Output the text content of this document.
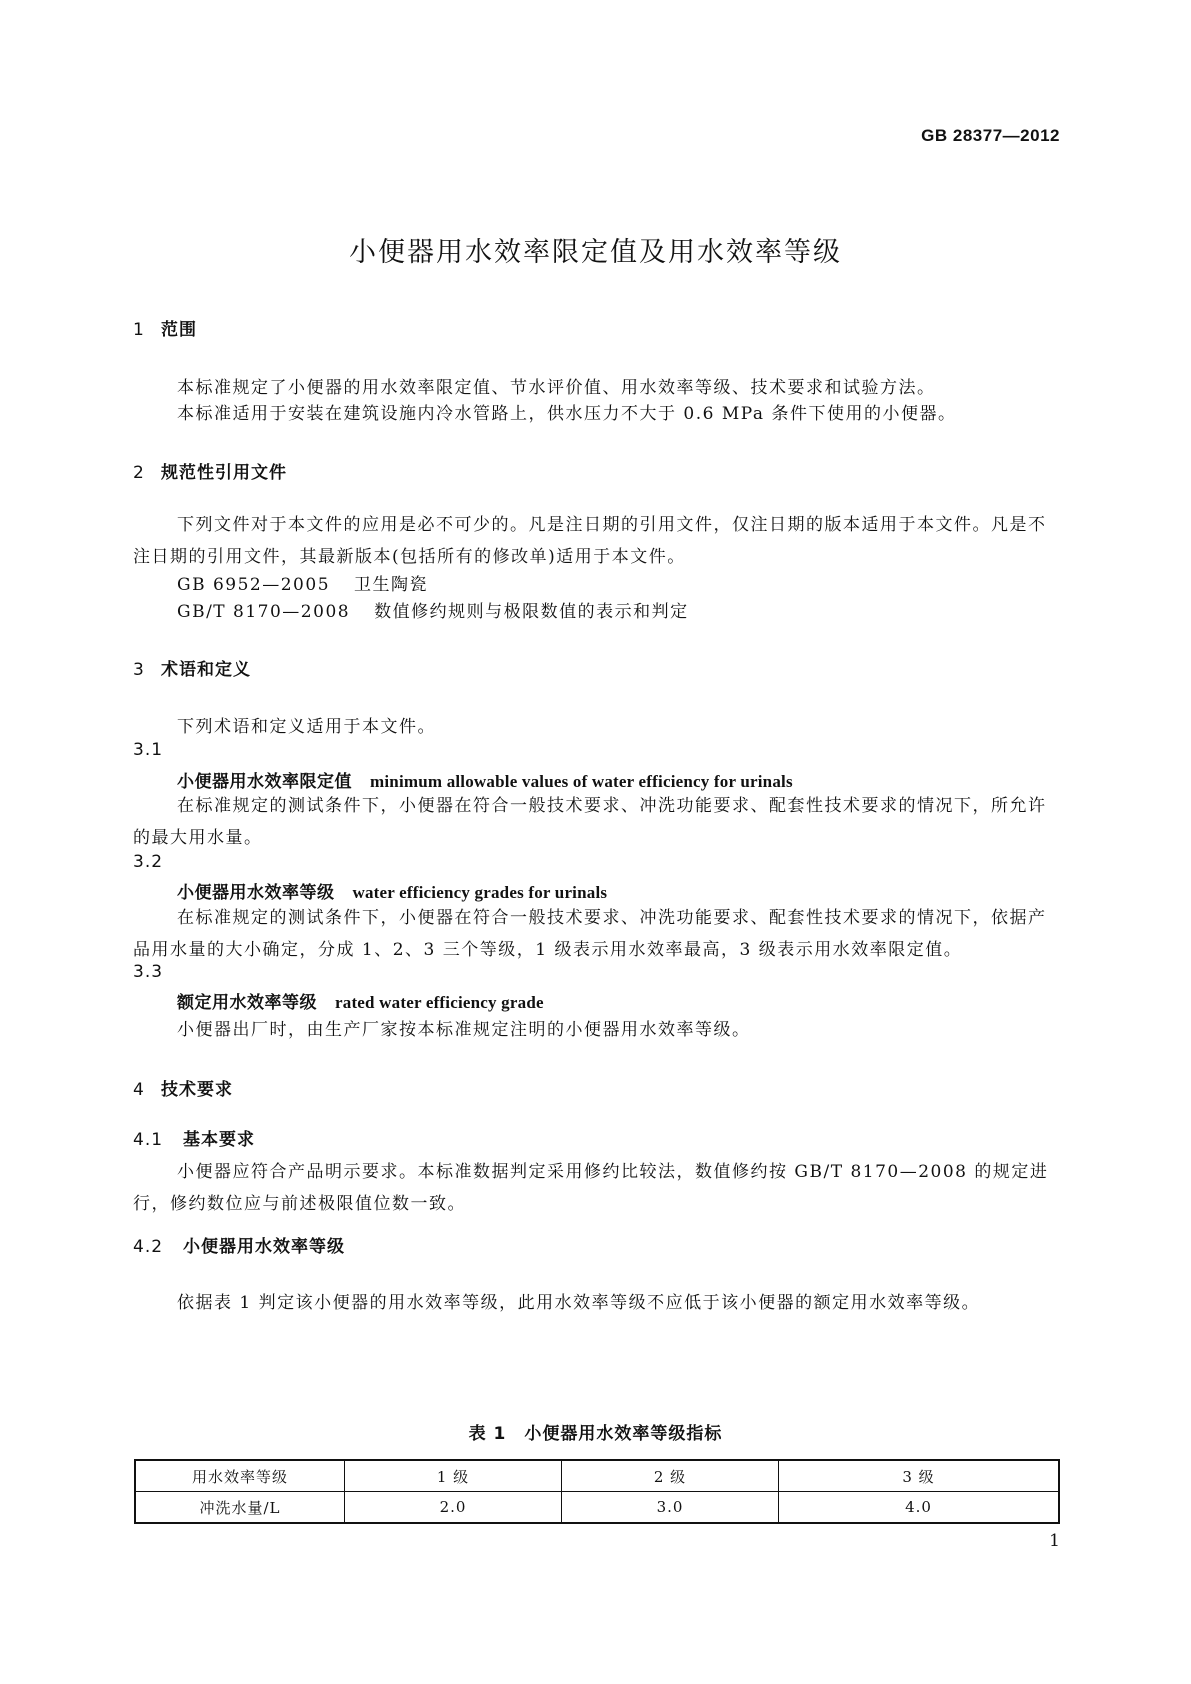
GB 28377—2012
小便器用水效率限定值及用水效率等级
1 范围
本标准规定了小便器的用水效率限定值、节水评价值、用水效率等级、技术要求和试验方法。
本标准适用于安装在建筑设施内冷水管路上，供水压力不大于 0.6 MPa 条件下使用的小便器。
2 规范性引用文件
下列文件对于本文件的应用是必不可少的。凡是注日期的引用文件，仅注日期的版本适用于本文件。凡是不注日期的引用文件，其最新版本(包括所有的修改单)适用于本文件。
GB 6952—2005 卫生陶瓷
GB/T 8170—2008 数值修约规则与极限数值的表示和判定
3 术语和定义
下列术语和定义适用于本文件。
3.1
小便器用水效率限定值 minimum allowable values of water efficiency for urinals
在标准规定的测试条件下，小便器在符合一般技术要求、冲洗功能要求、配套性技术要求的情况下，所允许的最大用水量。
3.2
小便器用水效率等级 water efficiency grades for urinals
在标准规定的测试条件下，小便器在符合一般技术要求、冲洗功能要求、配套性技术要求的情况下，依据产品用水量的大小确定，分成 1、2、3 三个等级，1 级表示用水效率最高，3 级表示用水效率限定值。
3.3
额定用水效率等级 rated water efficiency grade
小便器出厂时，由生产厂家按本标准规定注明的小便器用水效率等级。
4 技术要求
4.1 基本要求
小便器应符合产品明示要求。本标准数据判定采用修约比较法，数值修约按 GB/T 8170—2008 的规定进行，修约数位应与前述极限值位数一致。
4.2 小便器用水效率等级
依据表 1 判定该小便器的用水效率等级，此用水效率等级不应低于该小便器的额定用水效率等级。
表 1　小便器用水效率等级指标
用水效率等级	1 级	2 级	3 级
冲洗水量/L	2.0	3.0	4.0
1
